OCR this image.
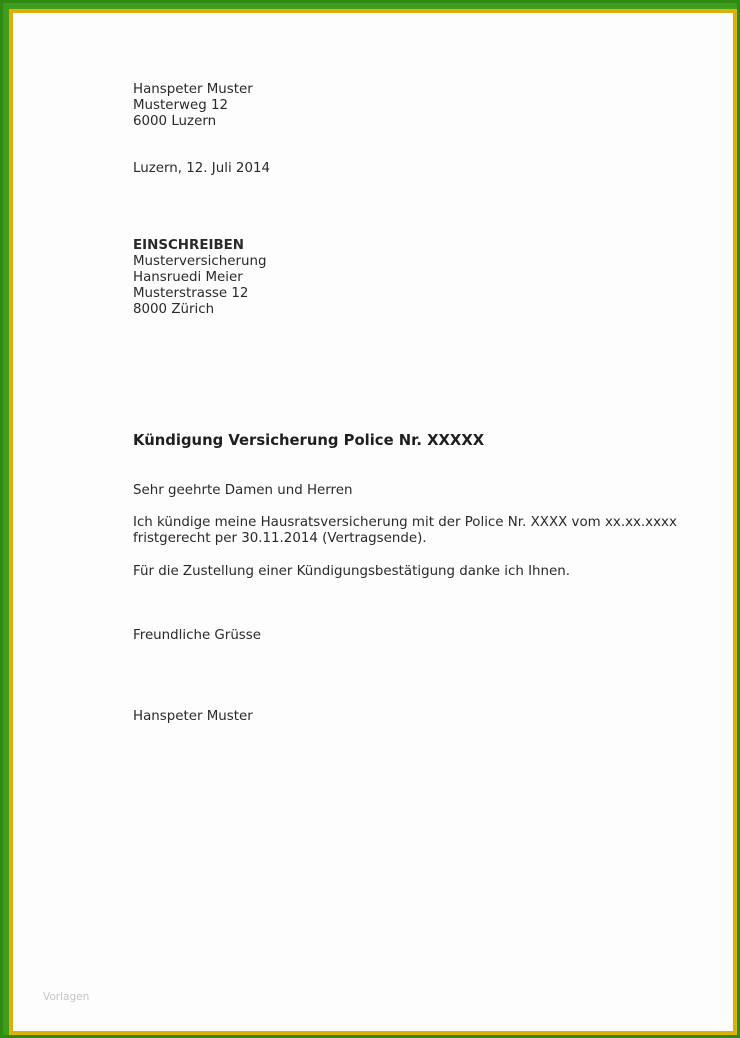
Hanspeter Muster
Musterweg 12
6000 Luzern
Luzern, 12. Juli 2014
EINSCHREIBEN
Musterversicherung
Hansruedi Meier
Musterstrasse 12
8000 Zürich
Kündigung Versicherung Police Nr. XXXXX
Sehr geehrte Damen und Herren
Ich kündige meine Hausratsversicherung mit der Police Nr. XXXX vom xx.xx.xxxx
fristgerecht per 30.11.2014 (Vertragsende).
Für die Zustellung einer Kündigungsbestätigung danke ich Ihnen.
Freundliche Grüsse
Hanspeter Muster
Vorlagen
